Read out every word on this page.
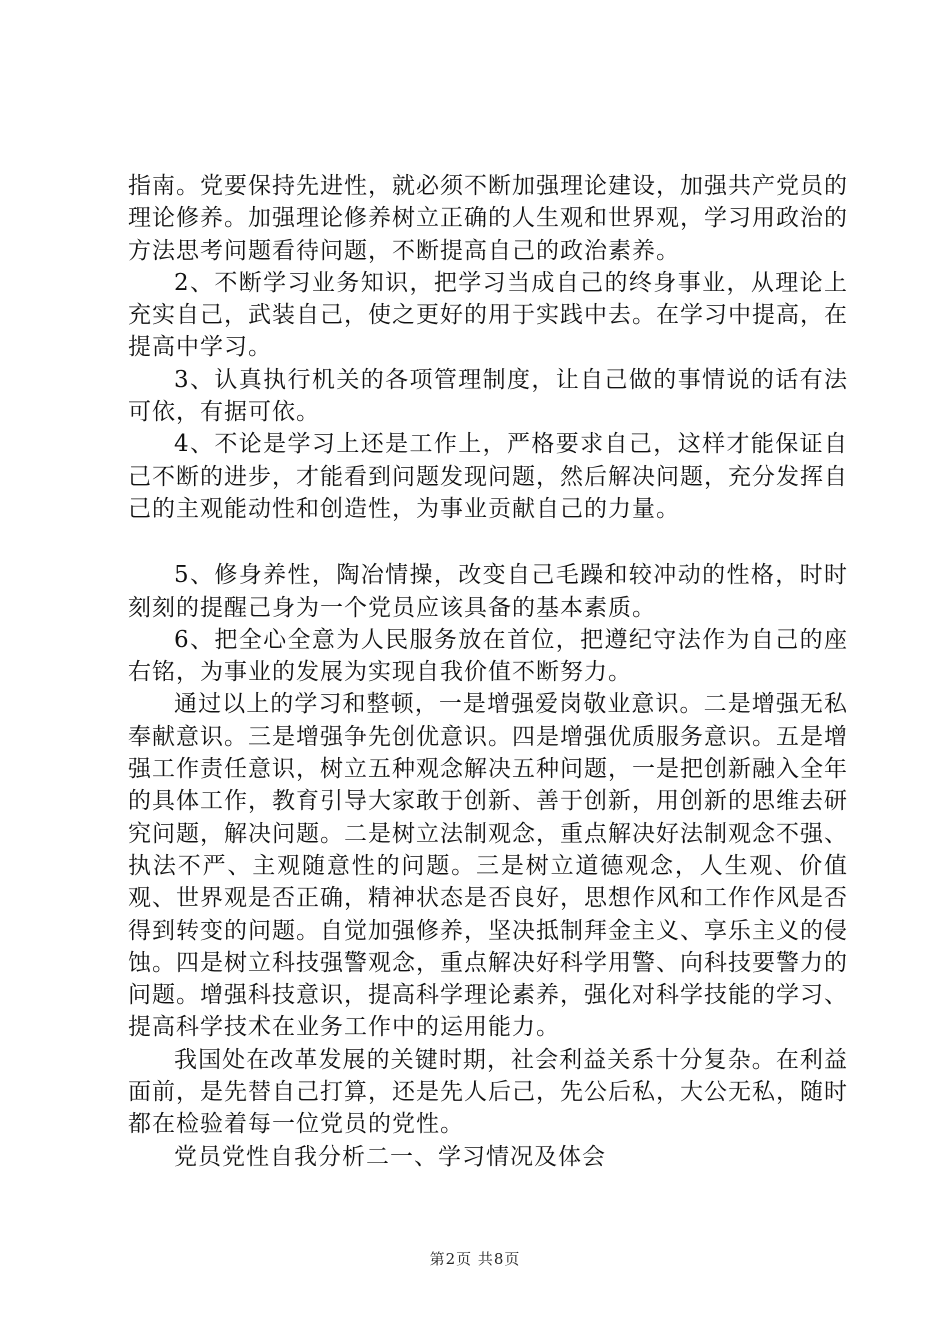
指南。党要保持先进性，就必须不断加强理论建设，加强共产党员的理论修养。加强理论修养树立正确的人生观和世界观，学习用政治的方法思考问题看待问题，不断提高自己的政治素养。

2、不断学习业务知识，把学习当成自己的终身事业，从理论上充实自己，武装自己，使之更好的用于实践中去。在学习中提高，在提高中学习。

3、认真执行机关的各项管理制度，让自己做的事情说的话有法可依，有据可依。

4、不论是学习上还是工作上，严格要求自己，这样才能保证自己不断的进步，才能看到问题发现问题，然后解决问题，充分发挥自己的主观能动性和创造性，为事业贡献自己的力量。

5、修身养性，陶冶情操，改变自己毛躁和较冲动的性格，时时刻刻的提醒己身为一个党员应该具备的基本素质。

6、把全心全意为人民服务放在首位，把遵纪守法作为自己的座右铭，为事业的发展为实现自我价值不断努力。

通过以上的学习和整顿，一是增强爱岗敬业意识。二是增强无私奉献意识。三是增强争先创优意识。四是增强优质服务意识。五是增强工作责任意识，树立五种观念解决五种问题，一是把创新融入全年的具体工作，教育引导大家敢于创新、善于创新，用创新的思维去研究问题，解决问题。二是树立法制观念，重点解决好法制观念不强、执法不严、主观随意性的问题。三是树立道德观念，人生观、价值观、世界观是否正确，精神状态是否良好，思想作风和工作作风是否得到转变的问题。自觉加强修养，坚决抵制拜金主义、享乐主义的侵蚀。四是树立科技强警观念，重点解决好科学用警、向科技要警力的问题。增强科技意识，提高科学理论素养，强化对科学技能的学习、提高科学技术在业务工作中的运用能力。

我国处在改革发展的关键时期，社会利益关系十分复杂。在利益面前，是先替自己打算，还是先人后己，先公后私，大公无私，随时都在检验着每一位党员的党性。

党员党性自我分析二一、学习情况及体会

第2页 共8页
